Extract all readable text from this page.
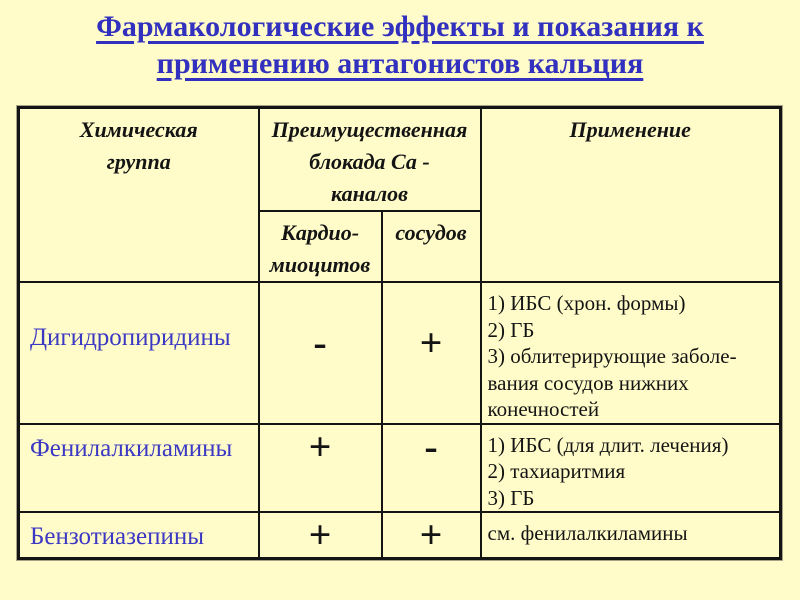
Фармакологические эффекты и показания к
применению антагонистов кальция
Химическая
группа

Преимущественная
блокада Са -
каналов

Применение

	Кардио-
миоцитов	сосудов	

Дигидропиридины	-	+	1) ИБС (хрон. формы)
2) ГБ
3) облитерирующие заболе-
вания сосудов нижних
конечностей

Фенилалкиламины	+	-	1) ИБС (для длит. лечения)
2) тахиаритмия
3) ГБ

Бензотиазепины	+	+	см. фенилалкиламины
